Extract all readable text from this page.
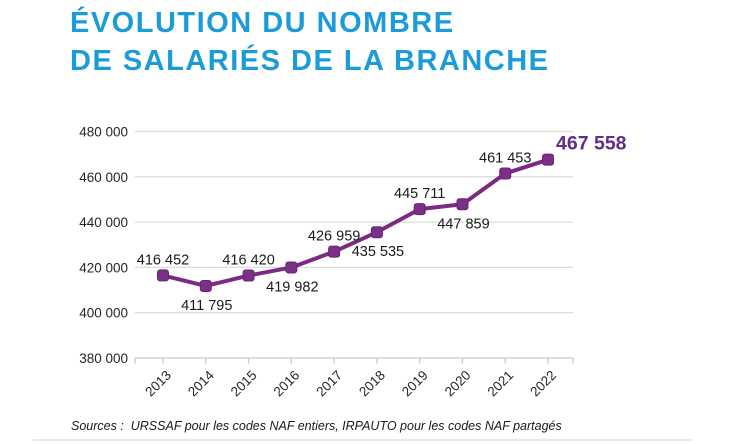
ÉVOLUTION DU NOMBRE
DE SALARIÉS DE LA BRANCHE
380 000
400 000
420 000
440 000
460 000
480 000
2013 2014 2015 2016 2017 2018 2019 2020 2021 2022
416 452
411 795
416 420
419 982
426 959
435 535
445 711
447 859
461 453
467 558

Sources :  URSSAF pour les codes NAF entiers, IRPAUTO pour les codes NAF partagés
